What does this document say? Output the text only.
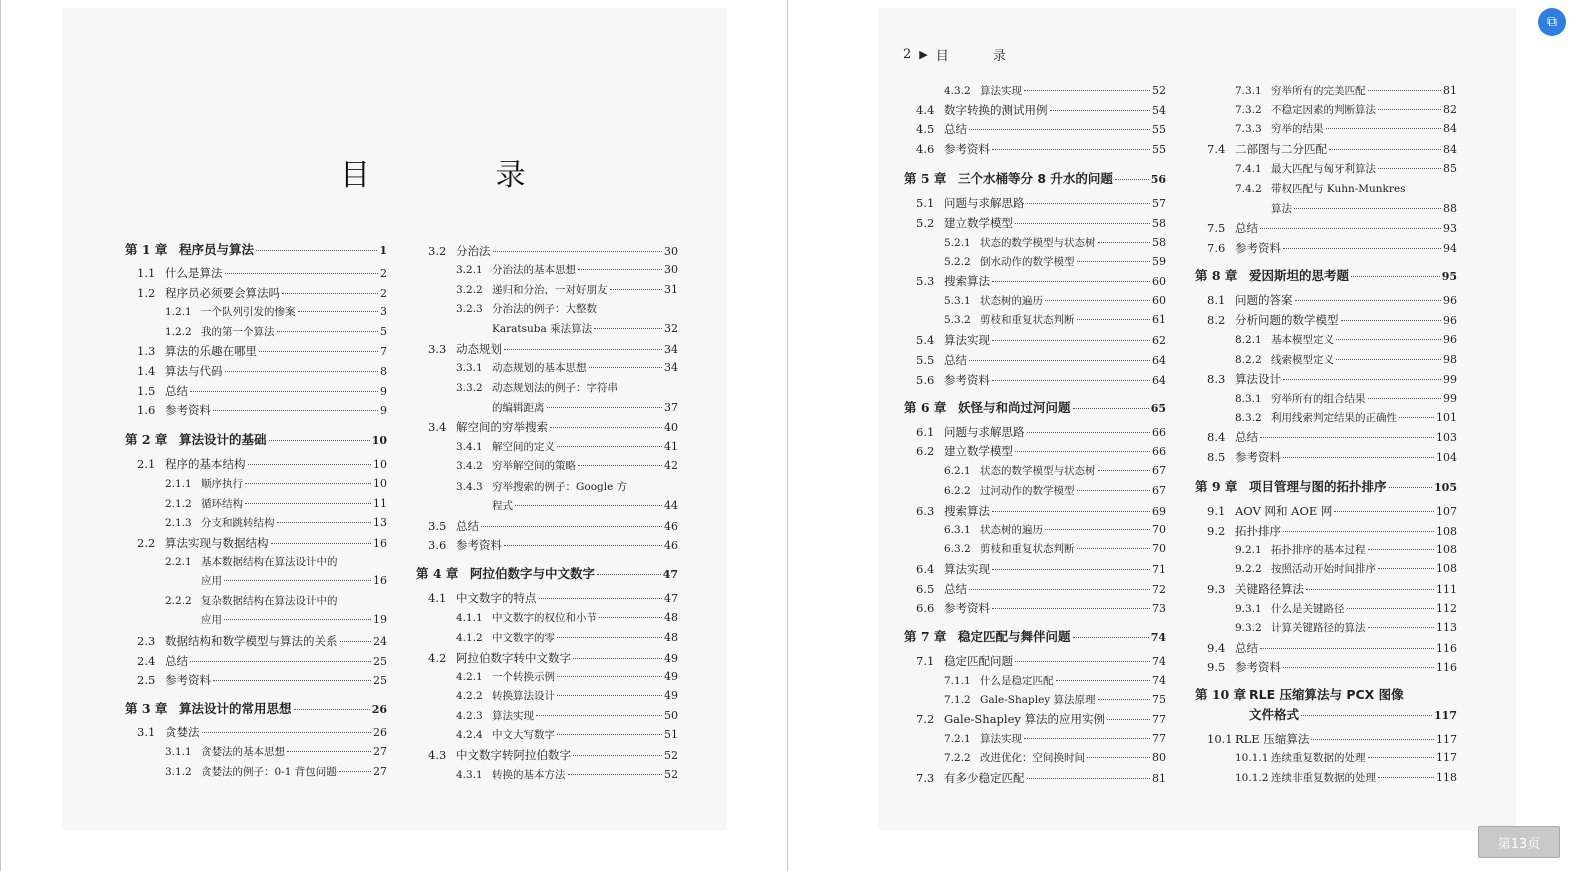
目 录
2 ▶ 目 录
第 1 章 程序员与算法	1
1.1 什么是算法	2
1.2 程序员必须要会算法吗	2
1.2.1 一个队列引发的惨案	3
1.2.2 我的第一个算法	5
1.3 算法的乐趣在哪里	7
1.4 算法与代码	8
1.5 总结	9
1.6 参考资料	9
第 2 章 算法设计的基础	10
2.1 程序的基本结构	10
2.1.1 顺序执行	10
2.1.2 循环结构	11
2.1.3 分支和跳转结构	13
2.2 算法实现与数据结构	16
2.2.1 基本数据结构在算法设计中的
应用	16
2.2.2 复杂数据结构在算法设计中的
应用	19
2.3 数据结构和数学模型与算法的关系	24
2.4 总结	25
2.5 参考资料	25
第 3 章 算法设计的常用思想	26
3.1 贪婪法	26
3.1.1 贪婪法的基本思想	27
3.1.2 贪婪法的例子：0-1 背包问题	27
3.2 分治法	30
3.2.1 分治法的基本思想	30
3.2.2 递归和分治，一对好朋友	31
3.2.3 分治法的例子：大整数
Karatsuba 乘法算法	32
3.3 动态规划	34
3.3.1 动态规划的基本思想	34
3.3.2 动态规划法的例子：字符串
的编辑距离	37
3.4 解空间的穷举搜索	40
3.4.1 解空间的定义	41
3.4.2 穷举解空间的策略	42
3.4.3 穷举搜索的例子：Google 方
程式	44
3.5 总结	46
3.6 参考资料	46
第 4 章 阿拉伯数字与中文数字	47
4.1 中文数字的特点	47
4.1.1 中文数字的权位和小节	48
4.1.2 中文数字的零	48
4.2 阿拉伯数字转中文数字	49
4.2.1 一个转换示例	49
4.2.2 转换算法设计	49
4.2.3 算法实现	50
4.2.4 中文大写数字	51
4.3 中文数字转阿拉伯数字	52
4.3.1 转换的基本方法	52
4.3.2 算法实现	52
4.4 数字转换的测试用例	54
4.5 总结	55
4.6 参考资料	55
第 5 章 三个水桶等分 8 升水的问题	56
5.1 问题与求解思路	57
5.2 建立数学模型	58
5.2.1 状态的数学模型与状态树	58
5.2.2 倒水动作的数学模型	59
5.3 搜索算法	60
5.3.1 状态树的遍历	60
5.3.2 剪枝和重复状态判断	61
5.4 算法实现	62
5.5 总结	64
5.6 参考资料	64
第 6 章 妖怪与和尚过河问题	65
6.1 问题与求解思路	66
6.2 建立数学模型	66
6.2.1 状态的数学模型与状态树	67
6.2.2 过河动作的数学模型	67
6.3 搜索算法	69
6.3.1 状态树的遍历	70
6.3.2 剪枝和重复状态判断	70
6.4 算法实现	71
6.5 总结	72
6.6 参考资料	73
第 7 章 稳定匹配与舞伴问题	74
7.1 稳定匹配问题	74
7.1.1 什么是稳定匹配	74
7.1.2 Gale-Shapley 算法原理	75
7.2 Gale-Shapley 算法的应用实例	77
7.2.1 算法实现	77
7.2.2 改进优化：空间换时间	80
7.3 有多少稳定匹配	81
7.3.1 穷举所有的完美匹配	81
7.3.2 不稳定因素的判断算法	82
7.3.3 穷举的结果	84
7.4 二部图与二分匹配	84
7.4.1 最大匹配与匈牙利算法	85
7.4.2 带权匹配与 Kuhn-Munkres
算法	88
7.5 总结	93
7.6 参考资料	94
第 8 章 爱因斯坦的思考题	95
8.1 问题的答案	96
8.2 分析问题的数学模型	96
8.2.1 基本模型定义	96
8.2.2 线索模型定义	98
8.3 算法设计	99
8.3.1 穷举所有的组合结果	99
8.3.2 利用线索判定结果的正确性	101
8.4 总结	103
8.5 参考资料	104
第 9 章 项目管理与图的拓扑排序	105
9.1 AOV 网和 AOE 网	107
9.2 拓扑排序	108
9.2.1 拓扑排序的基本过程	108
9.2.2 按照活动开始时间排序	108
9.3 关键路径算法	111
9.3.1 什么是关键路径	112
9.3.2 计算关键路径的算法	113
9.4 总结	116
9.5 参考资料	116
第 10 章 RLE 压缩算法与 PCX 图像
文件格式	117
10.1 RLE 压缩算法	117
10.1.1 连续重复数据的处理	117
10.1.2 连续非重复数据的处理	118
⧉
第13页
